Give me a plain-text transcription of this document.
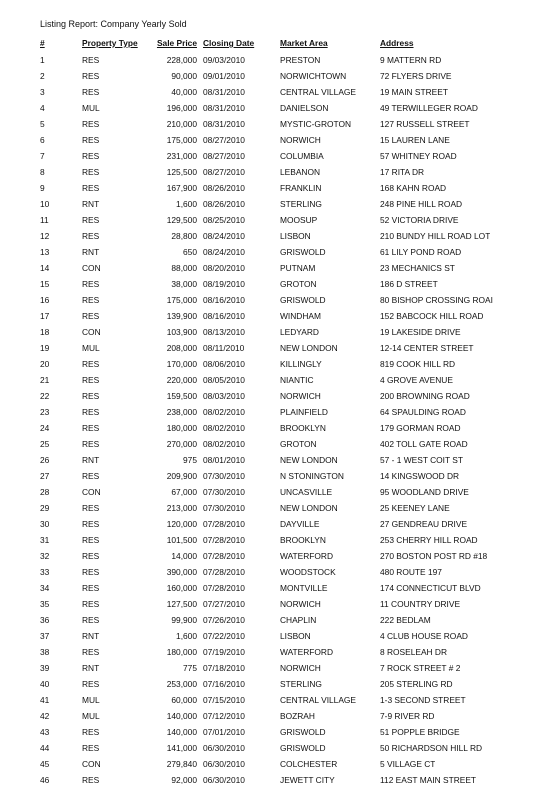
Listing Report: Company Yearly Sold
#	Property Type Sale Price Closing Date	Market Area	Address
1	RES	228,000 09/03/2010	PRESTON	9 MATTERN RD
2	RES	90,000 09/01/2010	NORWICHTOWN	72 FLYERS DRIVE
3	RES	40,000 08/31/2010	CENTRAL VILLAGE	19 MAIN STREET
4	MUL	196,000 08/31/2010	DANIELSON	49 TERWILLEGER ROAD
5	RES	210,000 08/31/2010	MYSTIC-GROTON	127 RUSSELL STREET
6	RES	175,000 08/27/2010	NORWICH	15 LAUREN LANE
7	RES	231,000 08/27/2010	COLUMBIA	57 WHITNEY ROAD
8	RES	125,500 08/27/2010	LEBANON	17 RITA DR
9	RES	167,900 08/26/2010	FRANKLIN	168 KAHN ROAD
10	RNT	1,600 08/26/2010	STERLING	248 PINE HILL ROAD
11	RES	129,500 08/25/2010	MOOSUP	52 VICTORIA DRIVE
12	RES	28,800 08/24/2010	LISBON	210 BUNDY HILL ROAD LOT
13	RNT	650 08/24/2010	GRISWOLD	61 LILY POND ROAD
14	CON	88,000 08/20/2010	PUTNAM	23 MECHANICS ST
15	RES	38,000 08/19/2010	GROTON	186 D STREET
16	RES	175,000 08/16/2010	GRISWOLD	80 BISHOP CROSSING ROAI
17	RES	139,900 08/16/2010	WINDHAM	152 BABCOCK HILL ROAD
18	CON	103,900 08/13/2010	LEDYARD	19 LAKESIDE DRIVE
19	MUL	208,000 08/11/2010	NEW LONDON	12-14 CENTER STREET
20	RES	170,000 08/06/2010	KILLINGLY	819 COOK HILL RD
21	RES	220,000 08/05/2010	NIANTIC	4 GROVE AVENUE
22	RES	159,500 08/03/2010	NORWICH	200 BROWNING ROAD
23	RES	238,000 08/02/2010	PLAINFIELD	64 SPAULDING ROAD
24	RES	180,000 08/02/2010	BROOKLYN	179 GORMAN ROAD
25	RES	270,000 08/02/2010	GROTON	402 TOLL GATE ROAD
26	RNT	975 08/01/2010	NEW LONDON	57 - 1 WEST COIT ST
27	RES	209,900 07/30/2010	N STONINGTON	14 KINGSWOOD DR
28	CON	67,000 07/30/2010	UNCASVILLE	95 WOODLAND DRIVE
29	RES	213,000 07/30/2010	NEW LONDON	25 KEENEY LANE
30	RES	120,000 07/28/2010	DAYVILLE	27 GENDREAU DRIVE
31	RES	101,500 07/28/2010	BROOKLYN	253 CHERRY HILL ROAD
32	RES	14,000 07/28/2010	WATERFORD	270 BOSTON POST RD #18
33	RES	390,000 07/28/2010	WOODSTOCK	480 ROUTE 197
34	RES	160,000 07/28/2010	MONTVILLE	174 CONNECTICUT BLVD
35	RES	127,500 07/27/2010	NORWICH	11 COUNTRY DRIVE
36	RES	99,900 07/26/2010	CHAPLIN	222 BEDLAM
37	RNT	1,600 07/22/2010	LISBON	4 CLUB HOUSE ROAD
38	RES	180,000 07/19/2010	WATERFORD	8 ROSELEAH DR
39	RNT	775 07/18/2010	NORWICH	7 ROCK STREET # 2
40	RES	253,000 07/16/2010	STERLING	205 STERLING RD
41	MUL	60,000 07/15/2010	CENTRAL VILLAGE	1-3 SECOND STREET
42	MUL	140,000 07/12/2010	BOZRAH	7-9 RIVER RD
43	RES	140,000 07/01/2010	GRISWOLD	51 POPPLE BRIDGE
44	RES	141,000 06/30/2010	GRISWOLD	50 RICHARDSON HILL RD
45	CON	279,840 06/30/2010	COLCHESTER	5 VILLAGE CT
46	RES	92,000 06/30/2010	JEWETT CITY	112 EAST MAIN STREET
